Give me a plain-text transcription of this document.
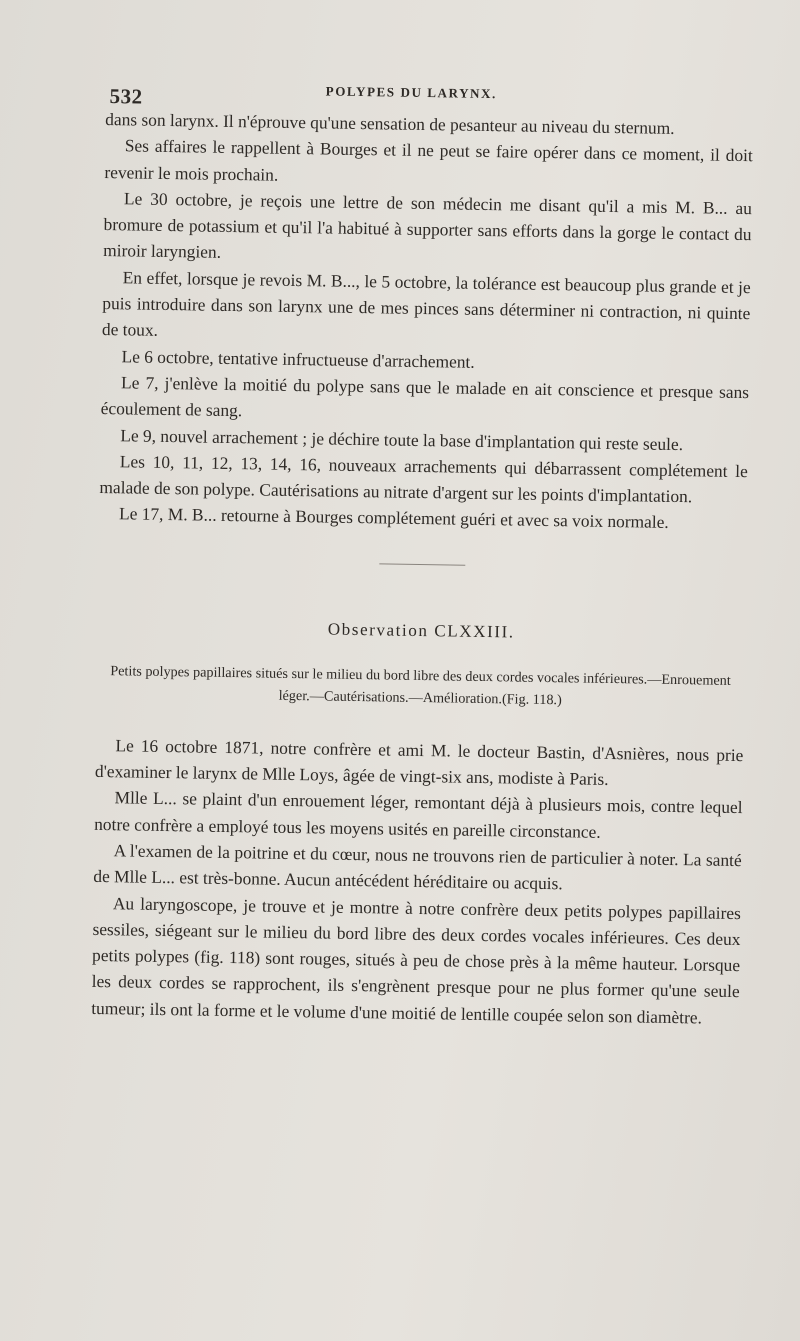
532	POLYPES DU LARYNX.

dans son larynx. Il n'éprouve qu'une sensation de pesanteur au niveau du sternum.

Ses affaires le rappellent à Bourges et il ne peut se faire opérer dans ce moment, il doit revenir le mois prochain.

Le 30 octobre, je reçois une lettre de son médecin me disant qu'il a mis M. B... au bromure de potassium et qu'il l'a habitué à supporter sans efforts dans la gorge le contact du miroir laryngien.

En effet, lorsque je revois M. B..., le 5 octobre, la tolérance est beaucoup plus grande et je puis introduire dans son larynx une de mes pinces sans déterminer ni contraction, ni quinte de toux.

Le 6 octobre, tentative infructueuse d'arrachement.

Le 7, j'enlève la moitié du polype sans que le malade en ait conscience et presque sans écoulement de sang.

Le 9, nouvel arrachement ; je déchire toute la base d'implantation qui reste seule.

Les 10, 11, 12, 13, 14, 16, nouveaux arrachements qui débarrassent complétement le malade de son polype. Cautérisations au nitrate d'argent sur les points d'implantation.

Le 17, M. B... retourne à Bourges complétement guéri et avec sa voix normale.

Observation CLXXIII.
Petits polypes papillaires situés sur le milieu du bord libre des deux cordes vocales inférieures.—Enrouement léger.—Cautérisations.—Amélioration.(Fig. 118.)

Le 16 octobre 1871, notre confrère et ami M. le docteur Bastin, d'Asnières, nous prie d'examiner le larynx de Mlle Loys, âgée de vingt-six ans, modiste à Paris.

Mlle L... se plaint d'un enrouement léger, remontant déjà à plusieurs mois, contre lequel notre confrère a employé tous les moyens usités en pareille circonstance.

A l'examen de la poitrine et du cœur, nous ne trouvons rien de particulier à noter. La santé de Mlle L... est très-bonne. Aucun antécédent héréditaire ou acquis.

Au laryngoscope, je trouve et je montre à notre confrère deux petits polypes papillaires sessiles, siégeant sur le milieu du bord libre des deux cordes vocales inférieures. Ces deux petits polypes (fig. 118) sont rouges, situés à peu de chose près à la même hauteur. Lorsque les deux cordes se rapprochent, ils s'engrènent presque pour ne plus former qu'une seule tumeur; ils ont la forme et le volume d'une moitié de lentille coupée selon son diamètre.
